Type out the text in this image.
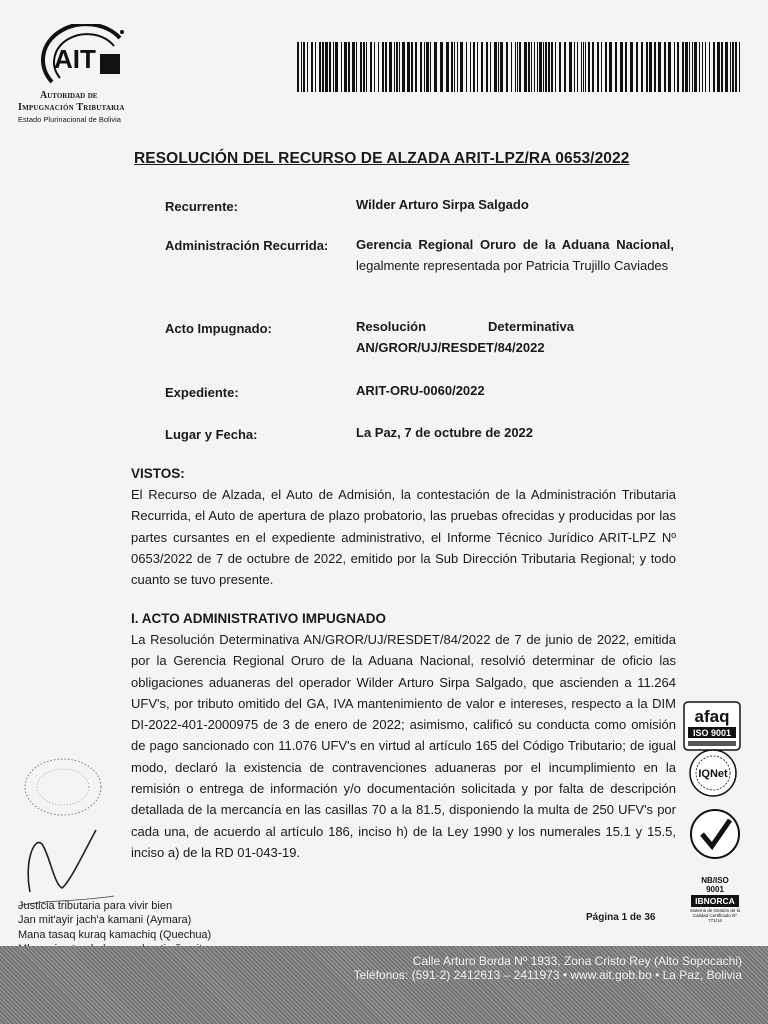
AIT
Autoridad de
Impugnación Tributaria
Estado Plurinacional de Bolivia
RESOLUCIÓN DEL RECURSO DE ALZADA ARIT-LPZ/RA 0653/2022
Recurrente:	Wilder Arturo Sirpa Salgado
Administración Recurrida: Gerencia Regional Oruro de la Aduana Nacional, legalmente representada por Patricia Trujillo Caviades
Acto Impugnado:	Resolución Determinativa
AN/GROR/UJ/RESDET/84/2022
Expediente:	ARIT-ORU-0060/2022
Lugar y Fecha:	La Paz, 7 de octubre de 2022
VISTOS:
El Recurso de Alzada, el Auto de Admisión, la contestación de la Administración Tributaria Recurrida, el Auto de apertura de plazo probatorio, las pruebas ofrecidas y producidas por las partes cursantes en el expediente administrativo, el Informe Técnico Jurídico ARIT-LPZ Nº 0653/2022 de 7 de octubre de 2022, emitido por la Sub Dirección Tributaria Regional; y todo cuanto se tuvo presente.
I. ACTO ADMINISTRATIVO IMPUGNADO
La Resolución Determinativa AN/GROR/UJ/RESDET/84/2022 de 7 de junio de 2022, emitida por la Gerencia Regional Oruro de la Aduana Nacional, resolvió determinar de oficio las obligaciones aduaneras del operador Wilder Arturo Sirpa Salgado, que ascienden a 11.264 UFV's, por tributo omitido del GA, IVA mantenimiento de valor e intereses, respecto a la DIM DI-2022-401-2000975 de 3 de enero de 2022; asimismo, calificó su conducta como omisión de pago sancionado con 11.076 UFV's en virtud al artículo 165 del Código Tributario; de igual modo, declaró la existencia de contravenciones aduaneras por el incumplimiento en la remisión o entrega de información y/o documentación solicitada y por falta de descripción detallada de la mercancía en las casillas 70 a la 81.5, disponiendo la multa de 250 UFV's por cada una, de acuerdo al artículo 186, inciso h) de la Ley 1990 y los numerales 15.1 y 15.5, inciso a) de la RD 01-043-19.
afaq
ISO 9001
IQNet
NB/ISO
9001
IBNORCA
Sistema de Gestión de la Calidad Certificado Nº 771/14
Justicia tributaria para vivir bien
Jan mit'ayir jach'a kamani (Aymara)
Mana tasaq kuraq kamachiq (Quechua)
Página 1 de 36
Calle Arturo Borda Nº 1933, Zona Cristo Rey (Alto Sopocachi)
Teléfonos: (591-2) 2412613 – 2411973 • www.ait.gob.bo • La Paz, Bolivia
